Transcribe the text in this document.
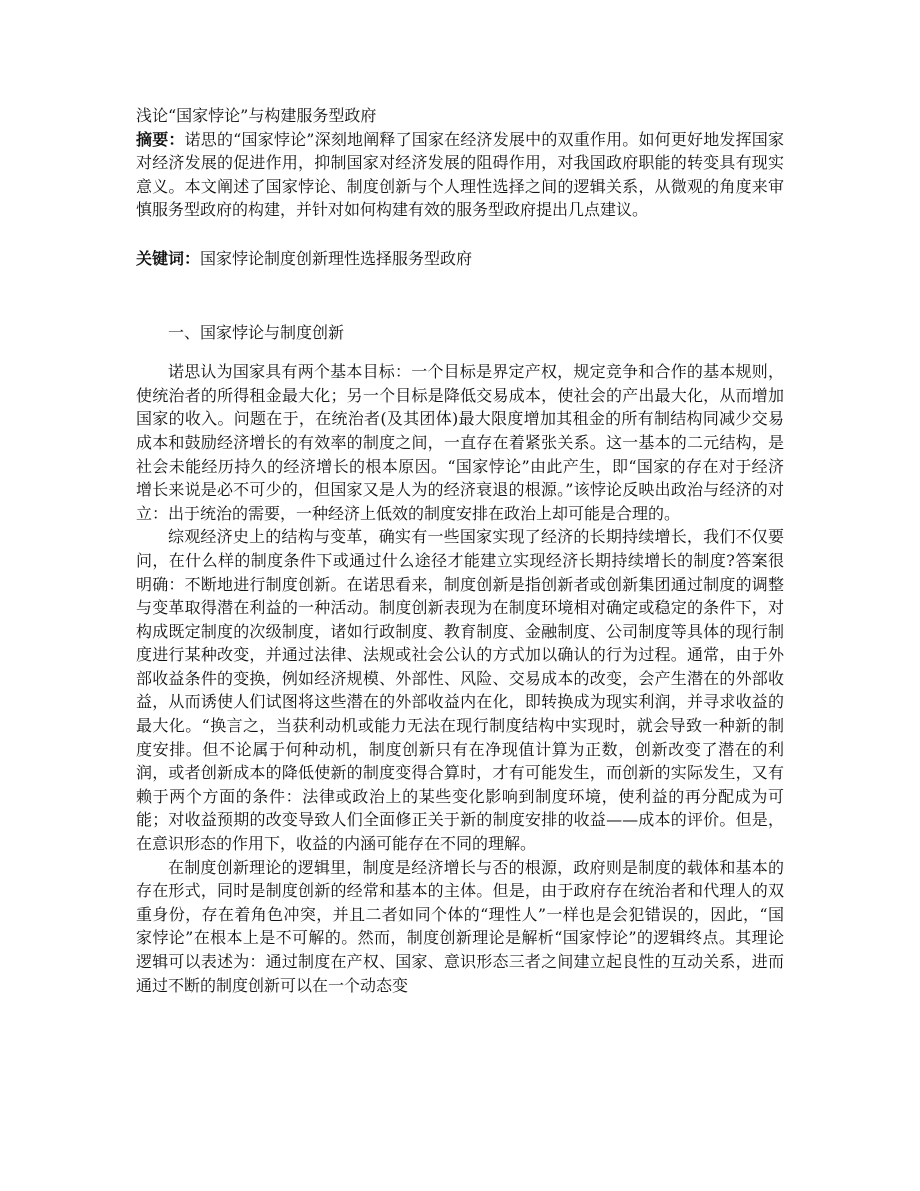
浅论“国家悖论”与构建服务型政府

摘要：诺思的“国家悖论”深刻地阐释了国家在经济发展中的双重作用。如何更好地发挥国家对经济发展的促进作用，抑制国家对经济发展的阻碍作用，对我国政府职能的转变具有现实意义。本文阐述了国家悖论、制度创新与个人理性选择之间的逻辑关系，从微观的角度来审慎服务型政府的构建，并针对如何构建有效的服务型政府提出几点建议。

关键词：国家悖论制度创新理性选择服务型政府

一、国家悖论与制度创新

诺思认为国家具有两个基本目标：一个目标是界定产权，规定竞争和合作的基本规则，使统治者的所得租金最大化；另一个目标是降低交易成本，使社会的产出最大化，从而增加国家的收入。问题在于，在统治者(及其团体)最大限度增加其租金的所有制结构同减少交易成本和鼓励经济增长的有效率的制度之间，一直存在着紧张关系。这一基本的二元结构，是社会未能经历持久的经济增长的根本原因。“国家悖论”由此产生，即“国家的存在对于经济增长来说是必不可少的，但国家又是人为的经济衰退的根源。”该悖论反映出政治与经济的对立：出于统治的需要，一种经济上低效的制度安排在政治上却可能是合理的。

综观经济史上的结构与变革，确实有一些国家实现了经济的长期持续增长，我们不仅要问，在什么样的制度条件下或通过什么途径才能建立实现经济长期持续增长的制度?答案很明确：不断地进行制度创新。在诺思看来，制度创新是指创新者或创新集团通过制度的调整与变革取得潜在利益的一种活动。制度创新表现为在制度环境相对确定或稳定的条件下，对构成既定制度的次级制度，诸如行政制度、教育制度、金融制度、公司制度等具体的现行制度进行某种改变，并通过法律、法规或社会公认的方式加以确认的行为过程。通常，由于外部收益条件的变换，例如经济规模、外部性、风险、交易成本的改变，会产生潜在的外部收益，从而诱使人们试图将这些潜在的外部收益内在化，即转换成为现实利润，并寻求收益的最大化。“换言之，当获利动机或能力无法在现行制度结构中实现时，就会导致一种新的制度安排。但不论属于何种动机，制度创新只有在净现值计算为正数，创新改变了潜在的利润，或者创新成本的降低使新的制度变得合算时，才有可能发生，而创新的实际发生，又有赖于两个方面的条件：法律或政治上的某些变化影响到制度环境，使利益的再分配成为可能；对收益预期的改变导致人们全面修正关于新的制度安排的收益——成本的评价。但是，在意识形态的作用下，收益的内涵可能存在不同的理解。

在制度创新理论的逻辑里，制度是经济增长与否的根源，政府则是制度的载体和基本的存在形式，同时是制度创新的经常和基本的主体。但是，由于政府存在统治者和代理人的双重身份，存在着角色冲突，并且二者如同个体的“理性人”一样也是会犯错误的，因此，“国家悖论”在根本上是不可解的。然而，制度创新理论是解析“国家悖论”的逻辑终点。其理论逻辑可以表述为：通过制度在产权、国家、意识形态三者之间建立起良性的互动关系，进而通过不断的制度创新可以在一个动态变
